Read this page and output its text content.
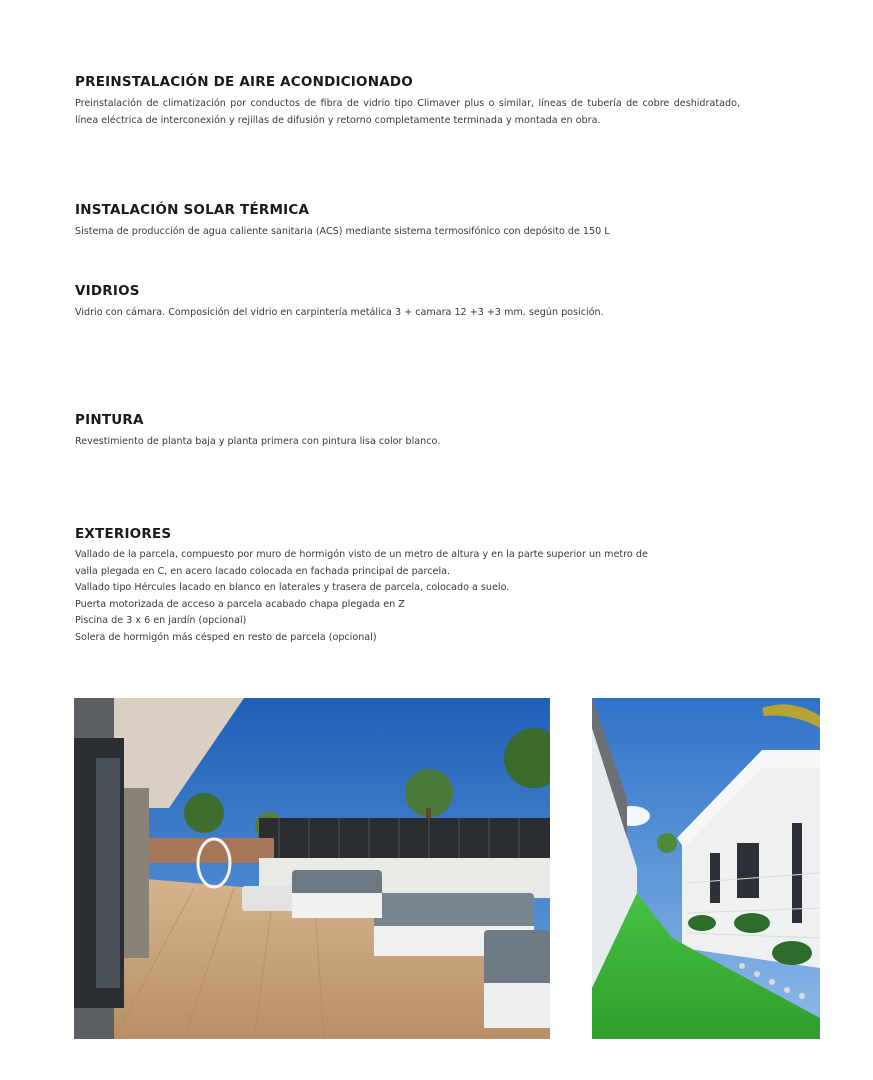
PREINSTALACIÓN DE AIRE ACONDICIONADO

Preinstalación de climatización por conductos de fibra de vidrio tipo Climaver plus o similar, líneas de tubería de cobre deshidratado, línea eléctrica de interconexión y rejillas de difusión y retorno completamente terminada y montada en obra.

INSTALACIÓN SOLAR TÉRMICA

Sistema de producción de agua caliente sanitaria (ACS) mediante sistema termosifónico con depósito de 150 L

VIDRIOS

Vidrio con cámara. Composición del vidrio en carpintería metálica 3 + camara 12 +3 +3 mm. según posición.

PINTURA

Revestimiento de planta baja y planta primera con pintura lisa color blanco.

EXTERIORES

Vallado de la parcela, compuesto por muro de hormigón visto de un metro de altura y en la parte superior un metro de

valla plegada en C, en acero lacado colocada en fachada principal de parcela.

Vallado tipo Hércules lacado en blanco en laterales y trasera de parcela, colocado a suelo.

Puerta motorizada de acceso a parcela acabado chapa plegada en Z

Piscina de 3 x 6 en jardín (opcional)

Solera de hormigón más césped en resto de parcela (opcional)
